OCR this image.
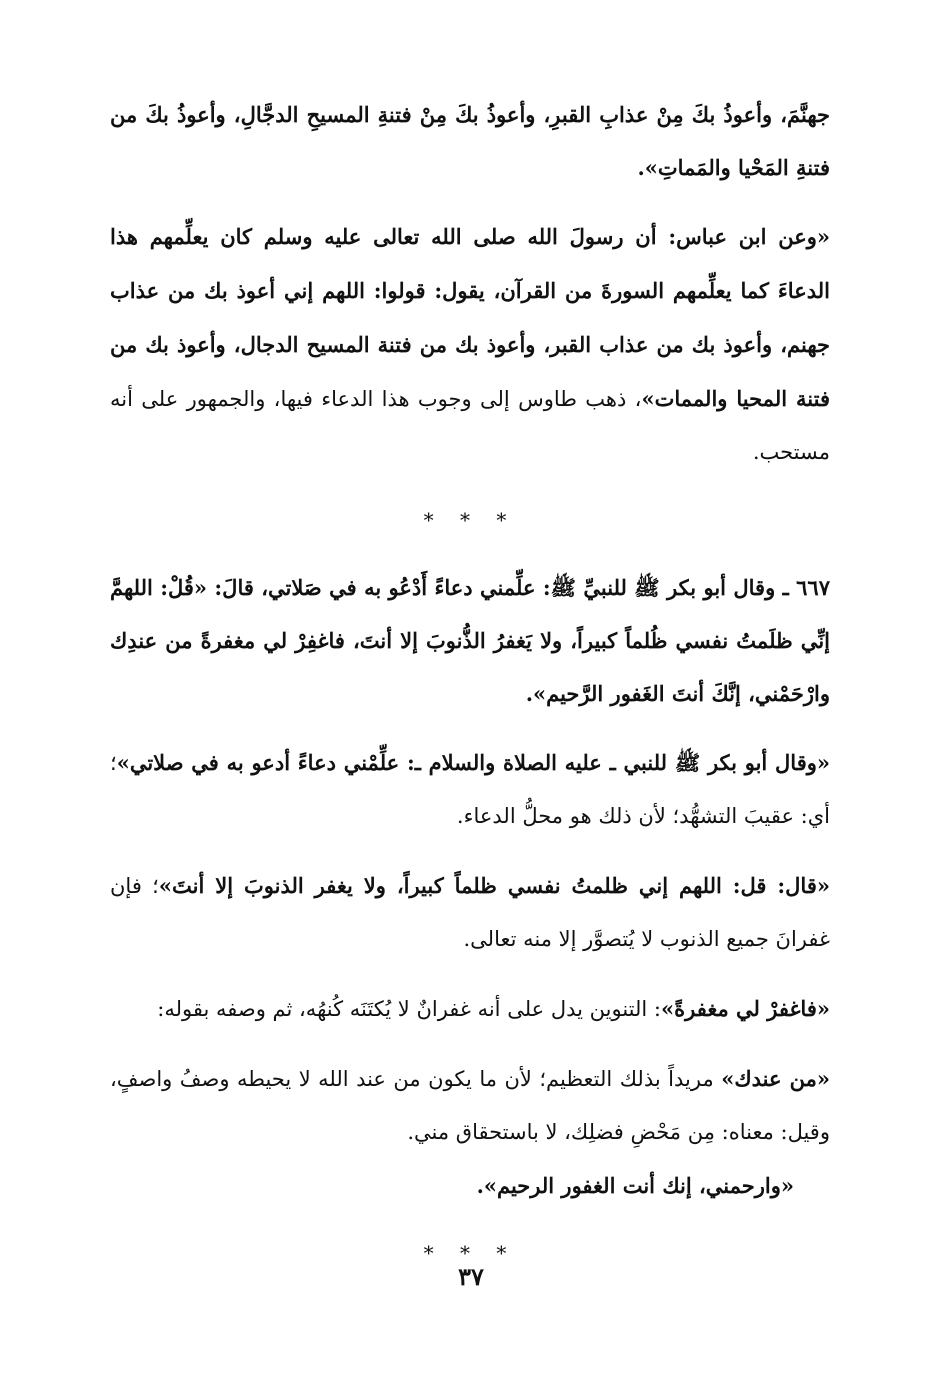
جهنَّمَ، وأعوذُ بكَ مِنْ عذابِ القبرِ، وأعوذُ بكَ مِنْ فتنةِ المسيحِ الدجَّالِ، وأعوذُ بكَ من فتنةِ المَحْيا والمَماتِ».

«وعن ابن عباس: أن رسولَ الله صلى الله تعالى عليه وسلم كان يعلِّمهم هذا الدعاءَ كما يعلِّمهم السورةَ من القرآن، يقول: قولوا: اللهم إني أعوذ بك من عذاب جهنم، وأعوذ بك من عذاب القبر، وأعوذ بك من فتنة المسيح الدجال، وأعوذ بك من فتنة المحيا والممات»، ذهب طاوس إلى وجوب هذا الدعاء فيها، والجمهور على أنه مستحب.

* * *

٦٦٧ ـ وقال أبو بكر ﷺ للنبيِّ ﷺ: علِّمني دعاءً أَدْعُو به في صَلاتي، قالَ: «قُلْ: اللهمَّ إنِّي ظلَمتُ نفسي ظُلماً كبيراً، ولا يَغفرُ الذُّنوبَ إلا أنتَ، فاغفِرْ لي مغفرةً من عندِك وارْحَمْني، إنَّكَ أنتَ الغَفور الرَّحيم».

«وقال أبو بكر ﷺ للنبي ـ عليه الصلاة والسلام ـ: علِّمْني دعاءً أدعو به في صلاتي»؛ أي: عقيبَ التشهُّد؛ لأن ذلك هو محلُّ الدعاء.

«قال: قل: اللهم إني ظلمتُ نفسي ظلماً كبيراً، ولا يغفر الذنوبَ إلا أنتَ»؛ فإن غفرانَ جميع الذنوب لا يُتصوَّر إلا منه تعالى.

«فاغفرْ لي مغفرةً»: التنوين يدل على أنه غفرانٌ لا يُكتَنَه كُنهُه، ثم وصفه بقوله:

«من عندك» مريداً بذلك التعظيم؛ لأن ما يكون من عند الله لا يحيطه وصفُ واصفٍ، وقيل: معناه: مِن مَحْضِ فضلِك، لا باستحقاق مني.

«وارحمني، إنك أنت الغفور الرحيم».

* * *
٣٧
